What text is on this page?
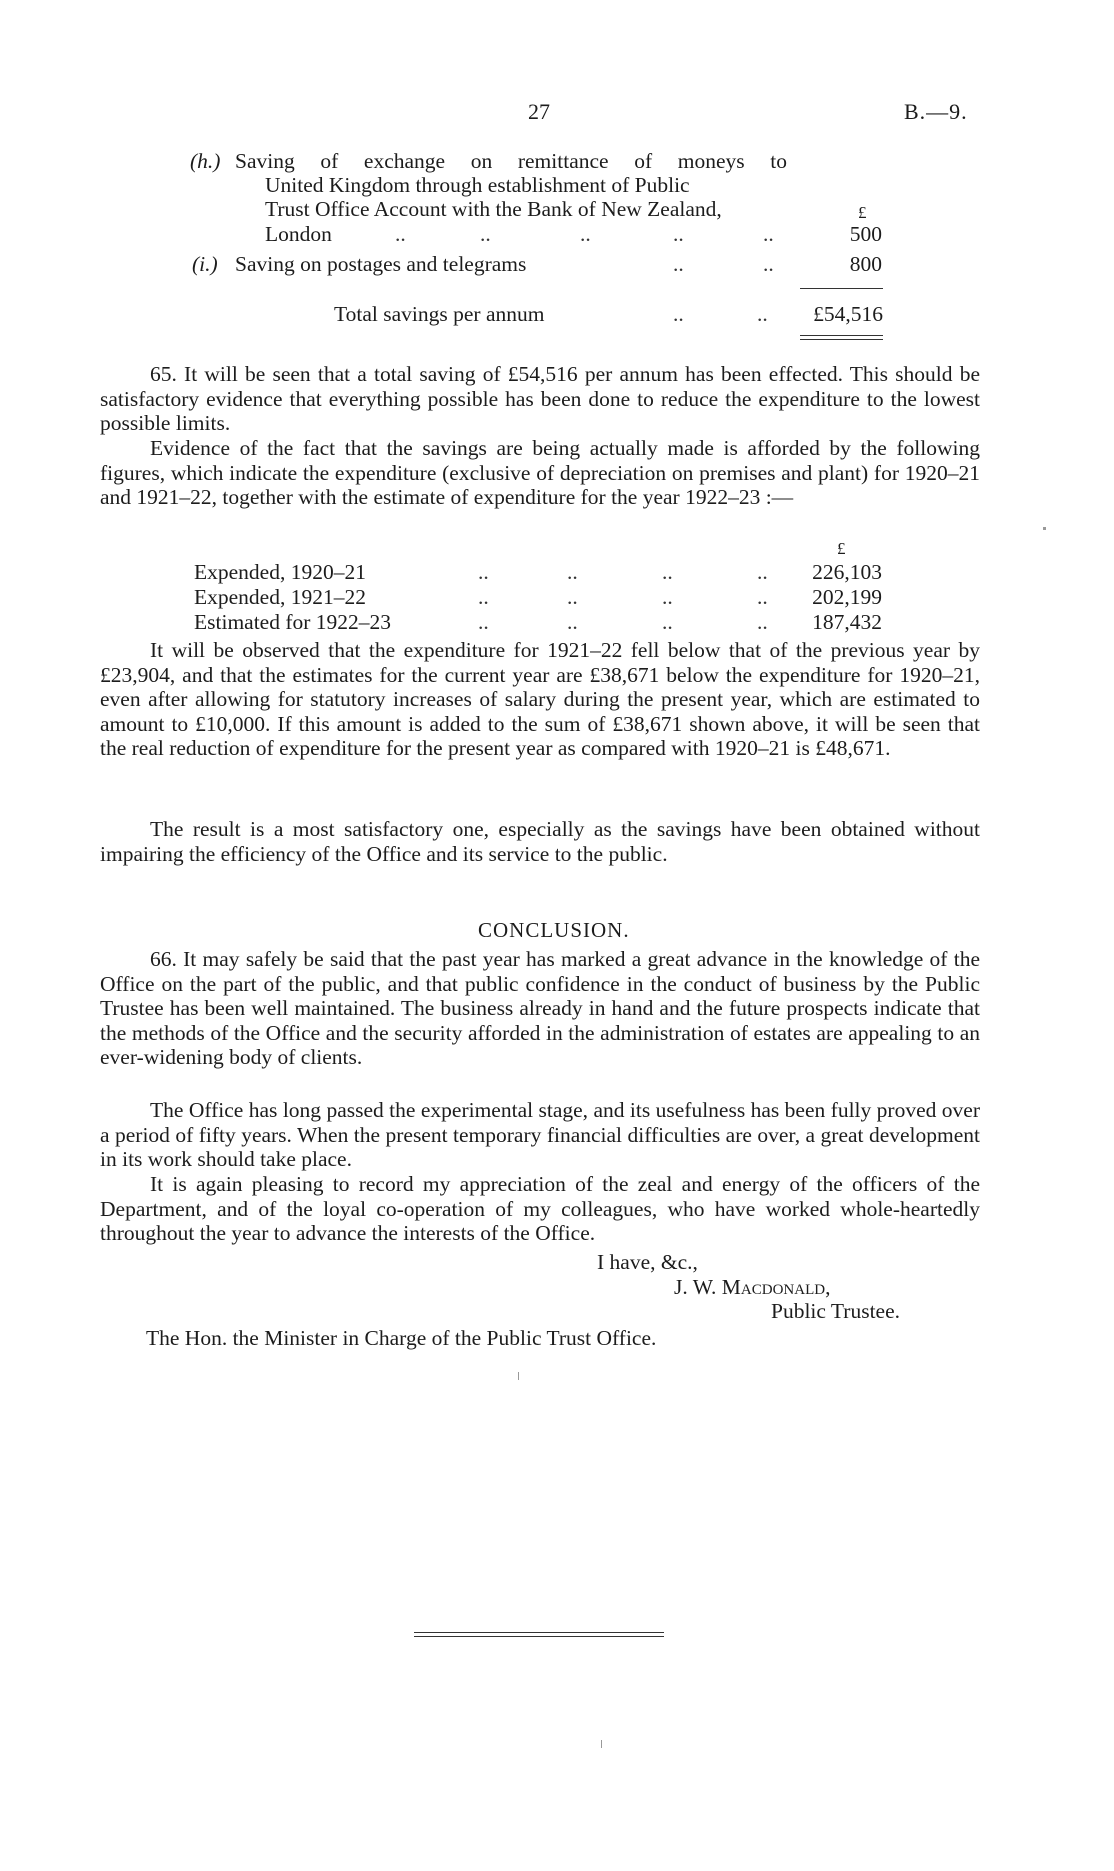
27	B.—9.
(h.) Saving of exchange on remittance of moneys to
United Kingdom through establishment of Public
Trust Office Account with the Bank of New Zealand,	£
London	..	..	..	..	..	500
(i.) Saving on postages and telegrams	..	..	800
Total savings per annum	..	..	£54,516

65. It will be seen that a total saving of £54,516 per annum has been effected. This should be satisfactory evidence that everything possible has been done to reduce the expenditure to the lowest possible limits.

Evidence of the fact that the savings are being actually made is afforded by the following figures, which indicate the expenditure (exclusive of depreciation on premises and plant) for 1920–21 and 1921–22, together with the estimate of expenditure for the year 1922–23 :—

£
Expended, 1920–21	..	..	..	..	226,103
Expended, 1921–22	..	..	..	..	202,199
Estimated for 1922–23	..	..	..	..	187,432

It will be observed that the expenditure for 1921–22 fell below that of the previous year by £23,904, and that the estimates for the current year are £38,671 below the expenditure for 1920–21, even after allowing for statutory increases of salary during the present year, which are estimated to amount to £10,000. If this amount is added to the sum of £38,671 shown above, it will be seen that the real reduction of expenditure for the present year as compared with 1920–21 is £48,671.

The result is a most satisfactory one, especially as the savings have been obtained without impairing the efficiency of the Office and its service to the public.

CONCLUSION.

66. It may safely be said that the past year has marked a great advance in the knowledge of the Office on the part of the public, and that public confidence in the conduct of business by the Public Trustee has been well maintained. The business already in hand and the future prospects indicate that the methods of the Office and the security afforded in the administration of estates are appealing to an ever-widening body of clients.

The Office has long passed the experimental stage, and its usefulness has been fully proved over a period of fifty years. When the present temporary financial difficulties are over, a great development in its work should take place.

It is again pleasing to record my appreciation of the zeal and energy of the officers of the Department, and of the loyal co-operation of my colleagues, who have worked whole-heartedly throughout the year to advance the interests of the Office.

I have, &c.,
J. W. Macdonald,
Public Trustee.
The Hon. the Minister in Charge of the Public Trust Office.
